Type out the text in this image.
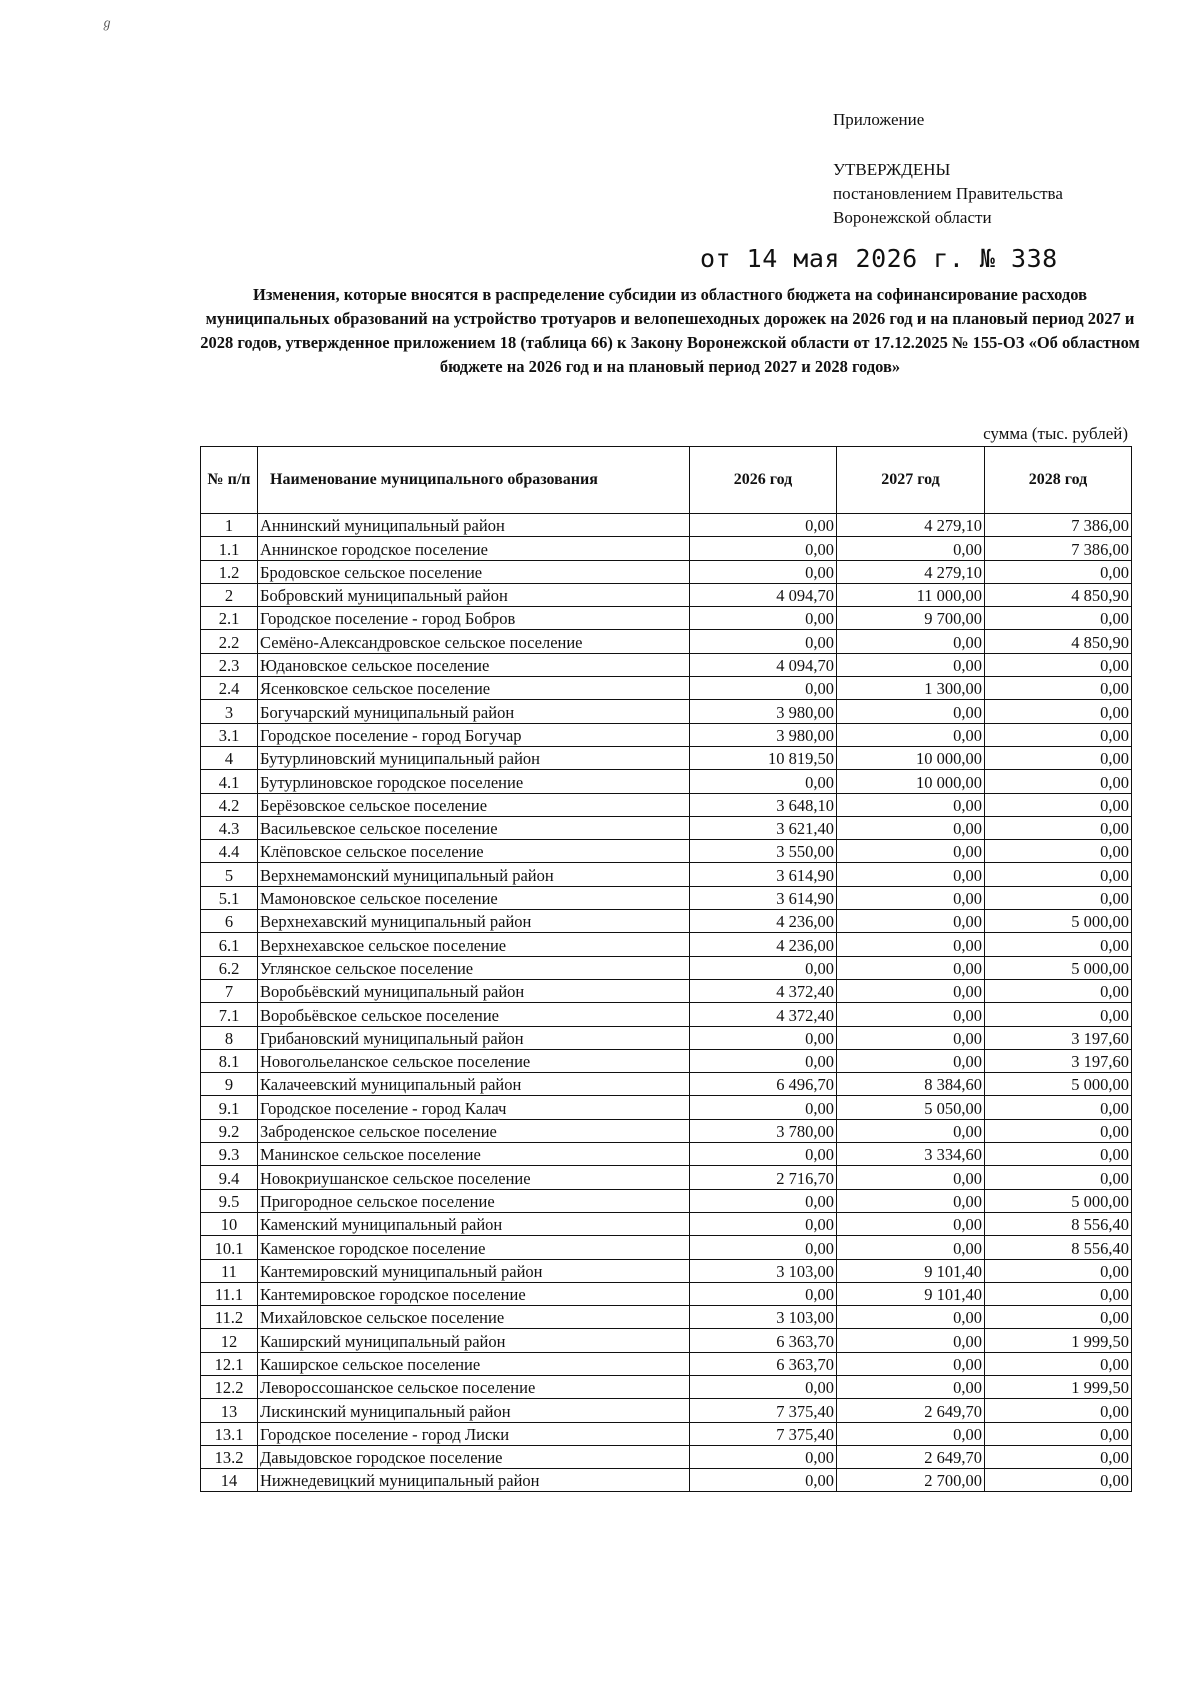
ℊ
Приложение
УТВЕРЖДЕНЫ
постановлением Правительства
Воронежской области
от 14 мая 2026 г. № 338
Изменения, которые вносятся в распределение субсидии из областного бюджета на софинансирование расходов муниципальных образований на устройство тротуаров и велопешеходных дорожек на 2026 год и на плановый период 2027 и 2028 годов, утвержденное приложением 18 (таблица 66) к Закону Воронежской области от 17.12.2025 № 155-ОЗ «Об областном бюджете на 2026 год и на плановый период 2027 и 2028 годов»
сумма (тыс. рублей)
№ п/п	Наименование муниципального образования	2026 год	2027 год	2028 год
1	Аннинский муниципальный район	0,00	4 279,10	7 386,00
1.1	Аннинское городское поселение	0,00	0,00	7 386,00
1.2	Бродовское сельское поселение	0,00	4 279,10	0,00
2	Бобровский муниципальный район	4 094,70	11 000,00	4 850,90
2.1	Городское поселение - город Бобров	0,00	9 700,00	0,00
2.2	Семёно-Александровское сельское поселение	0,00	0,00	4 850,90
2.3	Юдановское сельское поселение	4 094,70	0,00	0,00
2.4	Ясенковское сельское поселение	0,00	1 300,00	0,00
3	Богучарский муниципальный район	3 980,00	0,00	0,00
3.1	Городское поселение - город Богучар	3 980,00	0,00	0,00
4	Бутурлиновский муниципальный район	10 819,50	10 000,00	0,00
4.1	Бутурлиновское городское поселение	0,00	10 000,00	0,00
4.2	Берёзовское сельское поселение	3 648,10	0,00	0,00
4.3	Васильевское сельское поселение	3 621,40	0,00	0,00
4.4	Клёповское сельское поселение	3 550,00	0,00	0,00
5	Верхнемамонский муниципальный район	3 614,90	0,00	0,00
5.1	Мамоновское сельское поселение	3 614,90	0,00	0,00
6	Верхнехавский муниципальный район	4 236,00	0,00	5 000,00
6.1	Верхнехавское сельское поселение	4 236,00	0,00	0,00
6.2	Углянское сельское поселение	0,00	0,00	5 000,00
7	Воробьёвский муниципальный район	4 372,40	0,00	0,00
7.1	Воробьёвское сельское поселение	4 372,40	0,00	0,00
8	Грибановский муниципальный район	0,00	0,00	3 197,60
8.1	Новогольеланское сельское поселение	0,00	0,00	3 197,60
9	Калачеевский муниципальный район	6 496,70	8 384,60	5 000,00
9.1	Городское поселение - город Калач	0,00	5 050,00	0,00
9.2	Заброденское сельское поселение	3 780,00	0,00	0,00
9.3	Манинское сельское поселение	0,00	3 334,60	0,00
9.4	Новокриушанское сельское поселение	2 716,70	0,00	0,00
9.5	Пригородное сельское поселение	0,00	0,00	5 000,00
10	Каменский муниципальный район	0,00	0,00	8 556,40
10.1	Каменское городское поселение	0,00	0,00	8 556,40
11	Кантемировский муниципальный район	3 103,00	9 101,40	0,00
11.1	Кантемировское городское поселение	0,00	9 101,40	0,00
11.2	Михайловское сельское поселение	3 103,00	0,00	0,00
12	Каширский муниципальный район	6 363,70	0,00	1 999,50
12.1	Каширское сельское поселение	6 363,70	0,00	0,00
12.2	Левороссошанское сельское поселение	0,00	0,00	1 999,50
13	Лискинский муниципальный район	7 375,40	2 649,70	0,00
13.1	Городское поселение - город Лиски	7 375,40	0,00	0,00
13.2	Давыдовское городское поселение	0,00	2 649,70	0,00
14	Нижнедевицкий муниципальный район	0,00	2 700,00	0,00
